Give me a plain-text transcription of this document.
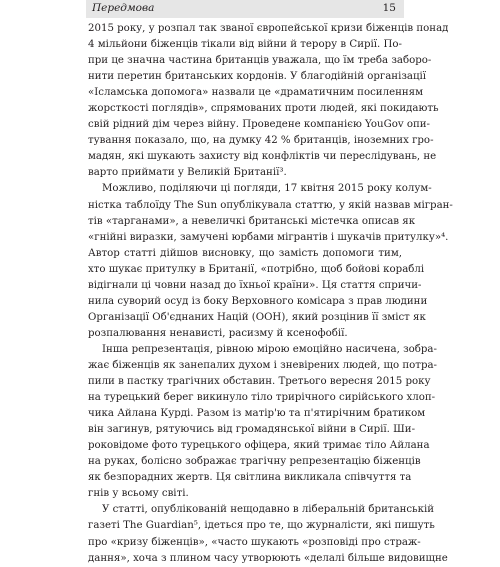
Передмова	15
2015 року, у розпал так званої європейської кризи біженців понад
4 мільйони біженців тікали від війни й терору в Сирії. По-
при це значна частина британців уважала, що їм треба заборо-
нити перетин британських кордонів. У благодійній організації
«Ісламська допомога» назвали це «драматичним посиленням
жорсткості поглядів», спрямованих проти людей, які покидають
свій рідний дім через війну. Проведене компанією YouGov опи-
тування показало, що, на думку 42 % британців, іноземних гро-
мадян, які шукають захисту від конфліктів чи переслідувань, не
варто приймати у Великій Британії³.
Можливо, поділяючи ці погляди, 17 квітня 2015 року колум-
ністка таблоїду The Sun опублікувала статтю, у якій назвав мігран-
тів «тарганами», а невеличкі британські містечка описав як
«гнійні виразки, замучені юрбами мігрантів і шукачів притулку»⁴.
Автор статті дійшов висновку, що замість допомоги тим,
хто шукає притулку в Британії, «потрібно, щоб бойові кораблі
відігнали ці човни назад до їхньої країни». Ця стаття спричи-
нила суворий осуд із боку Верховного комісара з прав людини
Організації Об'єднаних Націй (ООН), який розцінив її зміст як
розпалювання ненависті, расизму й ксенофобії.
Інша репрезентація, рівною мірою емоційно насичена, зобра-
жає біженців як занепалих духом і зневірених людей, що потра-
пили в пастку трагічних обставин. Третього вересня 2015 року
на турецький берег викинуло тіло трирічного сирійського хлоп-
чика Айлана Курді. Разом із матір'ю та п'ятирічним братиком
він загинув, рятуючись від громадянської війни в Сирії. Ши-
роковідоме фото турецького офіцера, який тримає тіло Айлана
на руках, болісно зображає трагічну репрезентацію біженців
як безпорадних жертв. Ця світлина викликала співчуття та
гнів у всьому світі.
У статті, опублікованій нещодавно в ліберальній британській
газеті The Guardian⁵, ідеться про те, що журналісти, які пишуть
про «кризу біженців», «часто шукають «розповіді про страж-
дання», хоча з плином часу утворюють «делалі більше видовищне
